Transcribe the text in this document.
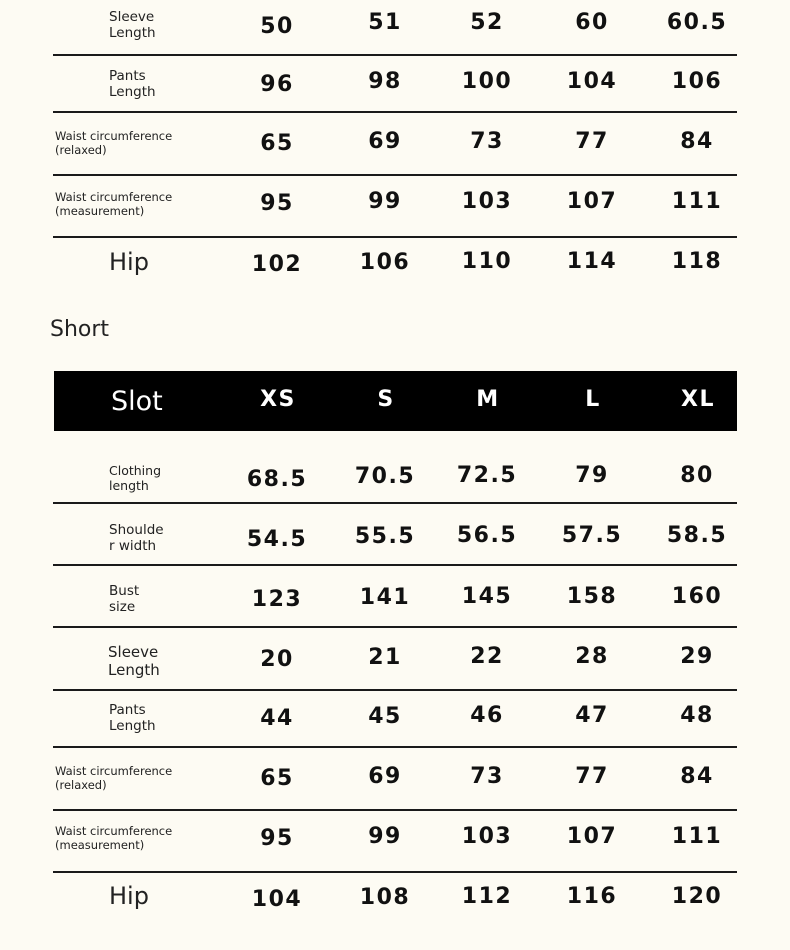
Sleeve
Length	50	51	52	60	60.5
Pants
Length	96	98	100	104	106
Waist circumference
(relaxed)	65	69	73	77	84
Waist circumference
(measurement)	95	99	103	107	111
Hip	102	106	110	114	118
Short
Slot	XS	S	M	L	XL
Clothing
length	68.5	70.5	72.5	79	80
Shoulde
r width	54.5	55.5	56.5	57.5	58.5
Bust
size	123	141	145	158	160
Sleeve
Length	20	21	22	28	29
Pants
Length	44	45	46	47	48
Waist circumference
(relaxed)	65	69	73	77	84
Waist circumference
(measurement)	95	99	103	107	111
Hip	104	108	112	116	120
